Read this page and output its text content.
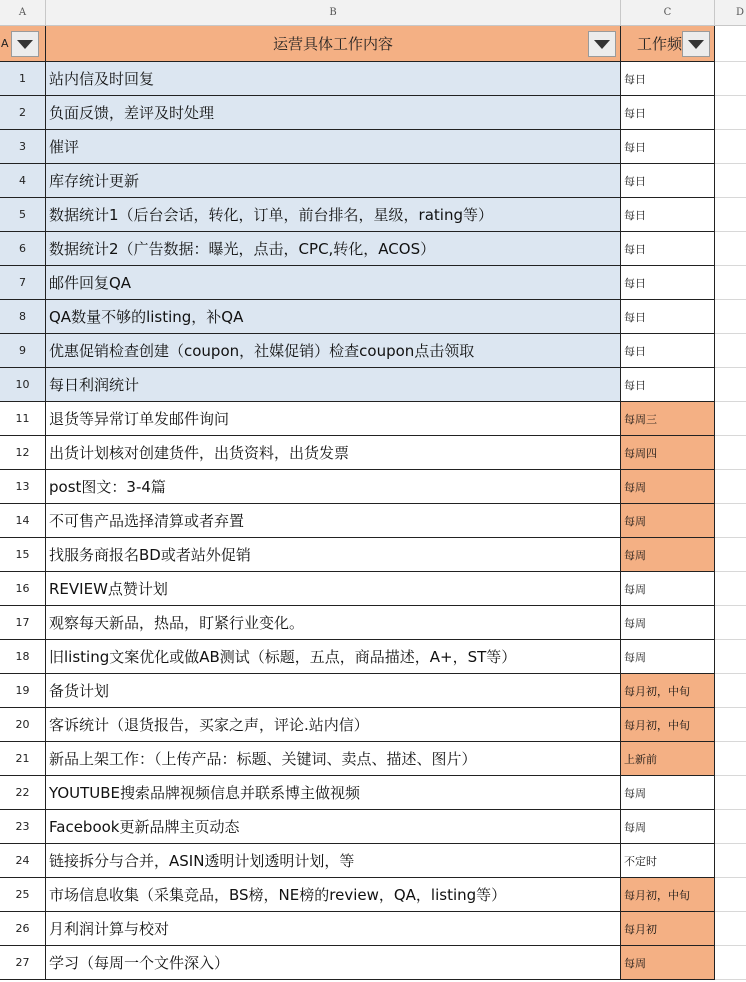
A	B	C	D
A	运营具体工作内容	工作频
1	站内信及时回复	每日
2	负面反馈，差评及时处理	每日
3	催评	每日
4	库存统计更新	每日
5	数据统计1（后台会话，转化，订单，前台排名，星级，rating等）	每日
6	数据统计2（广告数据：曝光，点击，CPC,转化，ACOS）	每日
7	邮件回复QA	每日
8	QA数量不够的listing，补QA	每日
9	优惠促销检查创建（coupon，社媒促销）检查coupon点击领取	每日
10	每日利润统计	每日
11	退货等异常订单发邮件询问	每周三
12	出货计划核对创建货件，出货资料，出货发票	每周四
13	post图文：3-4篇	每周
14	不可售产品选择清算或者弃置	每周
15	找服务商报名BD或者站外促销	每周
16	REVIEW点赞计划	每周
17	观察每天新品，热品，盯紧行业变化。	每周
18	旧listing文案优化或做AB测试（标题，五点，商品描述，A+，ST等）	每周
19	备货计划	每月初，中旬
20	客诉统计（退货报告，买家之声，评论.站内信）	每月初，中旬
21	新品上架工作：（上传产品：标题、关键词、卖点、描述、图片）	上新前
22	YOUTUBE搜索品牌视频信息并联系博主做视频	每周
23	Facebook更新品牌主页动态	每周
24	链接拆分与合并，ASIN透明计划透明计划，等	不定时
25	市场信息收集（采集竞品，BS榜，NE榜的review，QA，listing等）	每月初，中旬
26	月利润计算与校对	每月初
27	学习（每周一个文件深入）	每周
